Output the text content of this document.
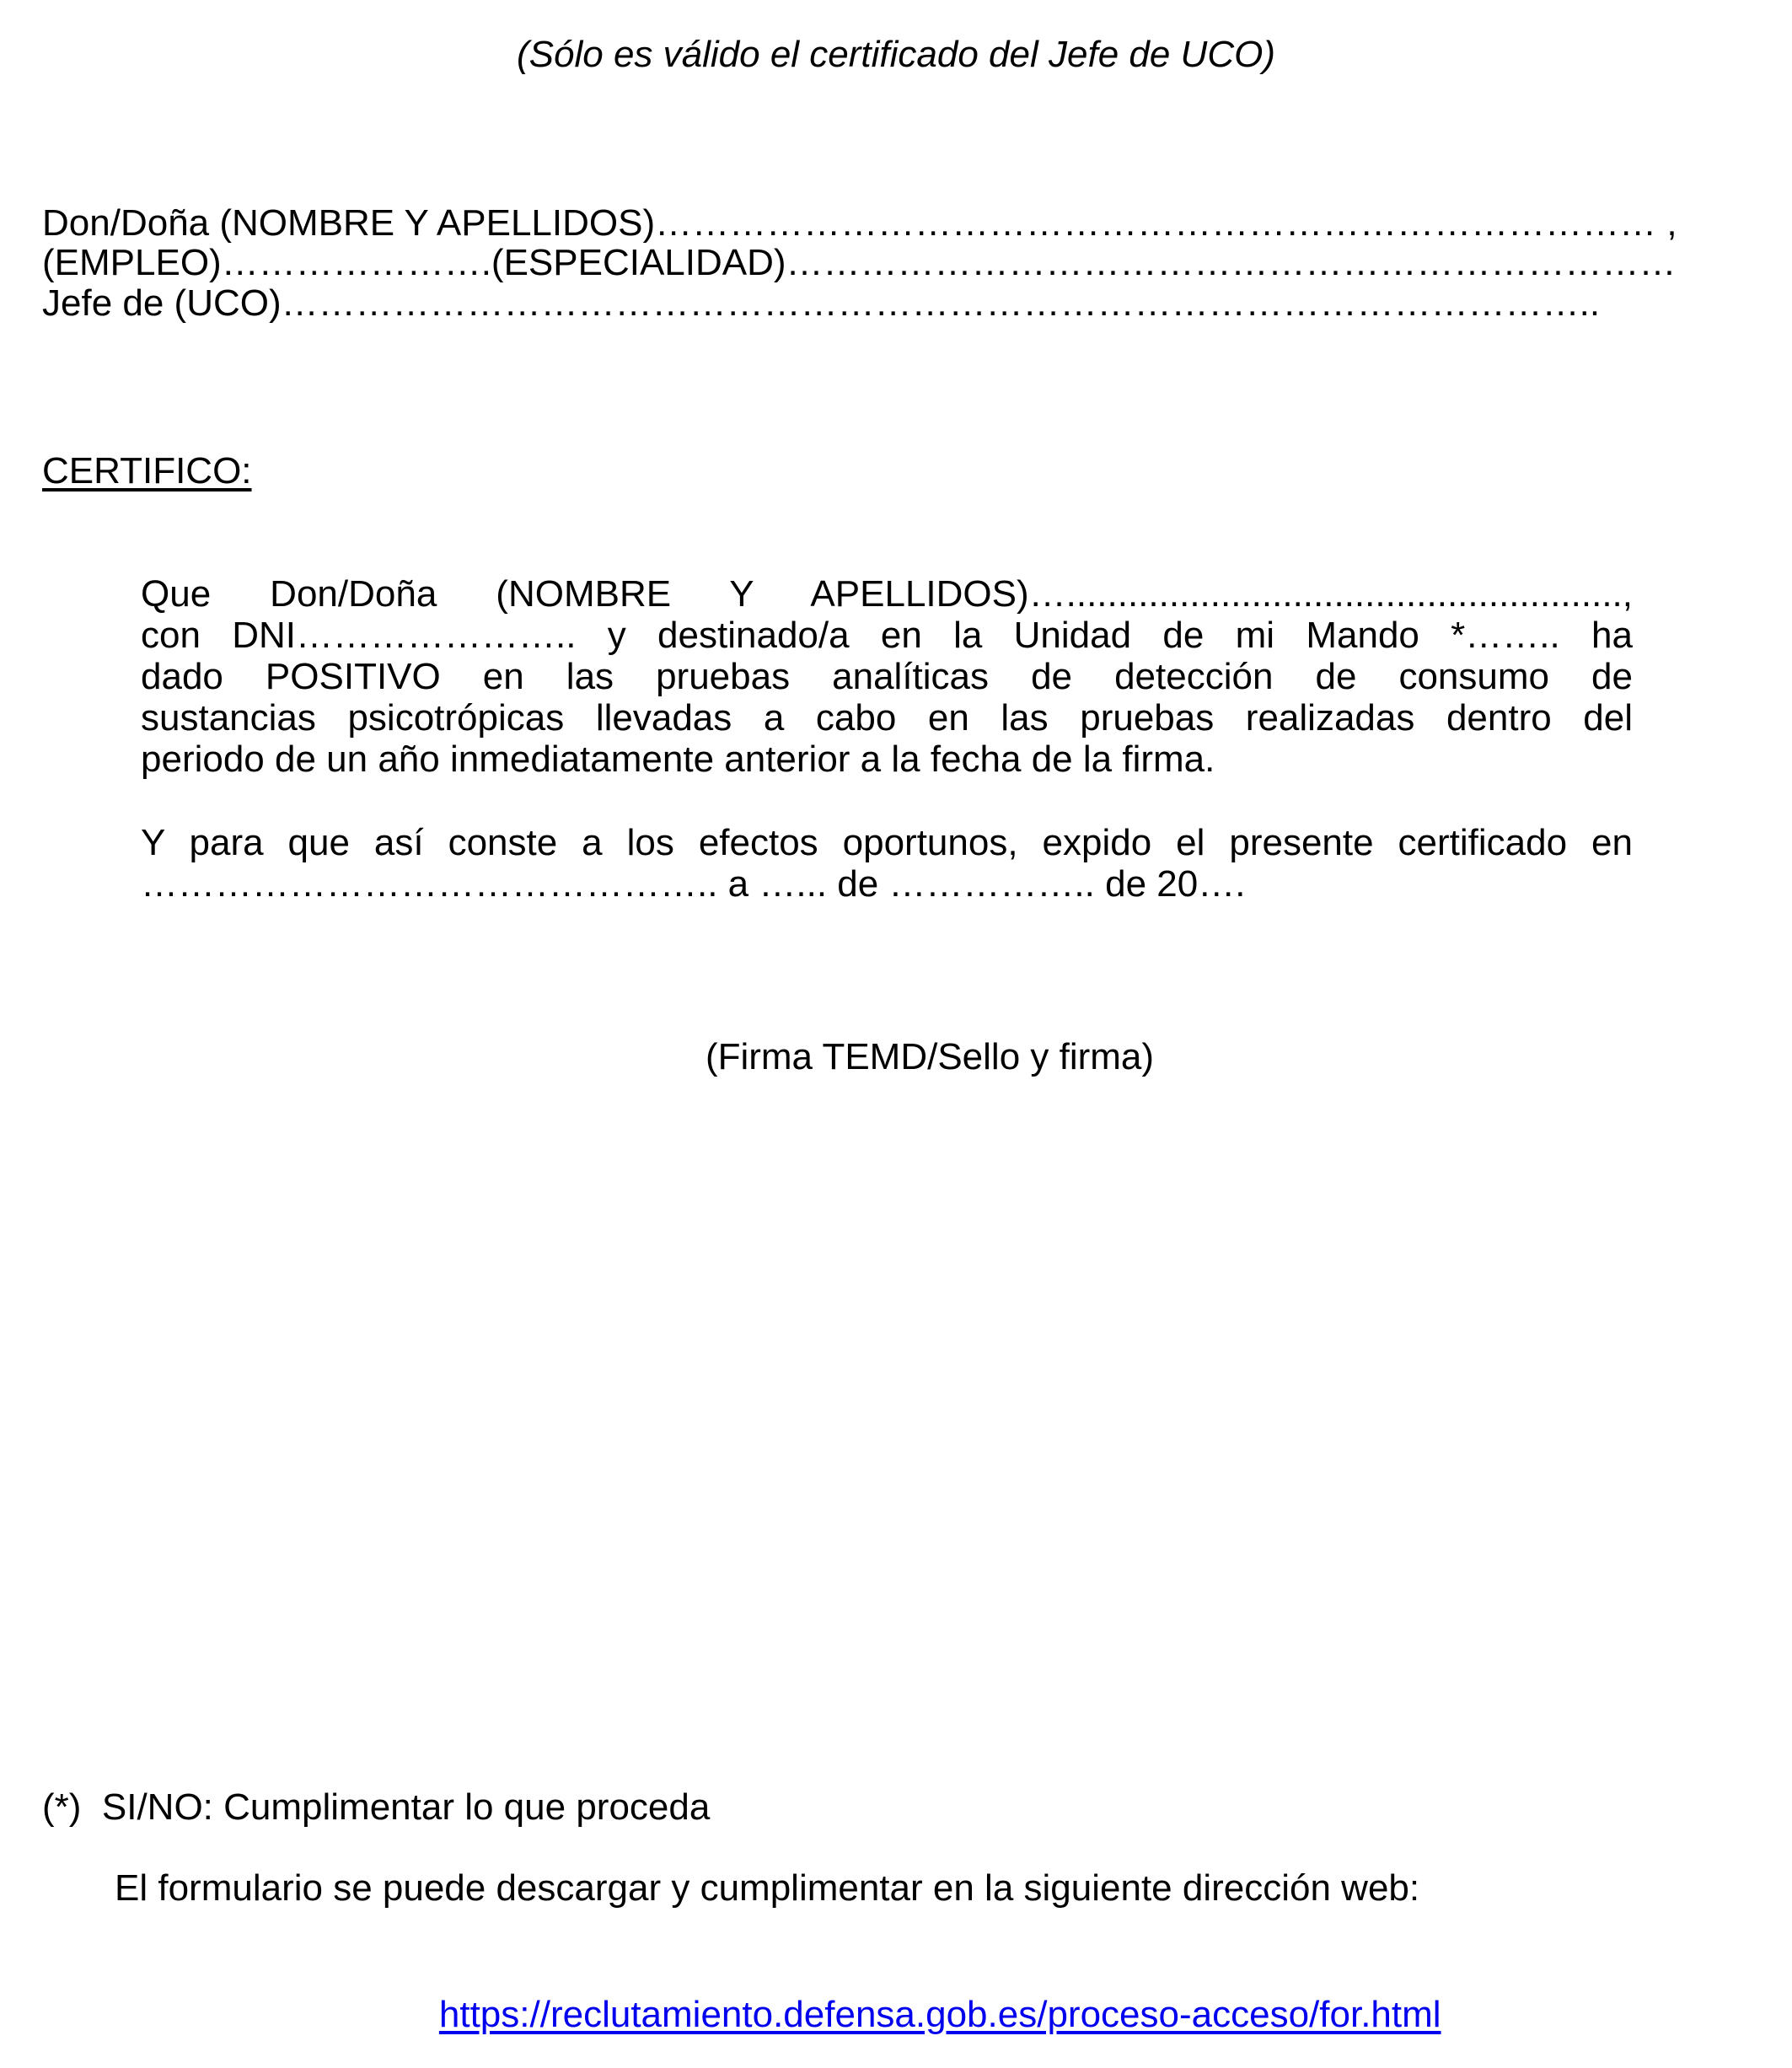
(Sólo es válido el certificado del Jefe de UCO)

Don/Doña (NOMBRE Y APELLIDOS)……………………………………………………………………… ,

(EMPLEO)………………….(ESPECIALIDAD)………………………………………………………………

Jefe de (UCO)……………………………………………………………………………………………..

CERTIFICO:

Que Don/Doña (NOMBRE Y APELLIDOS)…......................................................,
con DNI………………….. y destinado/a en la Unidad de mi Mando *…….. ha
dado POSITIVO en las pruebas analíticas de detección de consumo de
sustancias psicotrópicas llevadas a cabo en las pruebas realizadas dentro del
periodo de un año inmediatamente anterior a la fecha de la firma.
Y para que así conste a los efectos oportunos, expido el presente certificado en
……………………………………….. a …... de …………….. de 20….

(Firma TEMD/Sello y firma)

(*)  SI/NO: Cumplimentar lo que proceda

El formulario se puede descargar y cumplimentar en la siguiente dirección web:

https://reclutamiento.defensa.gob.es/proceso-acceso/for.html
